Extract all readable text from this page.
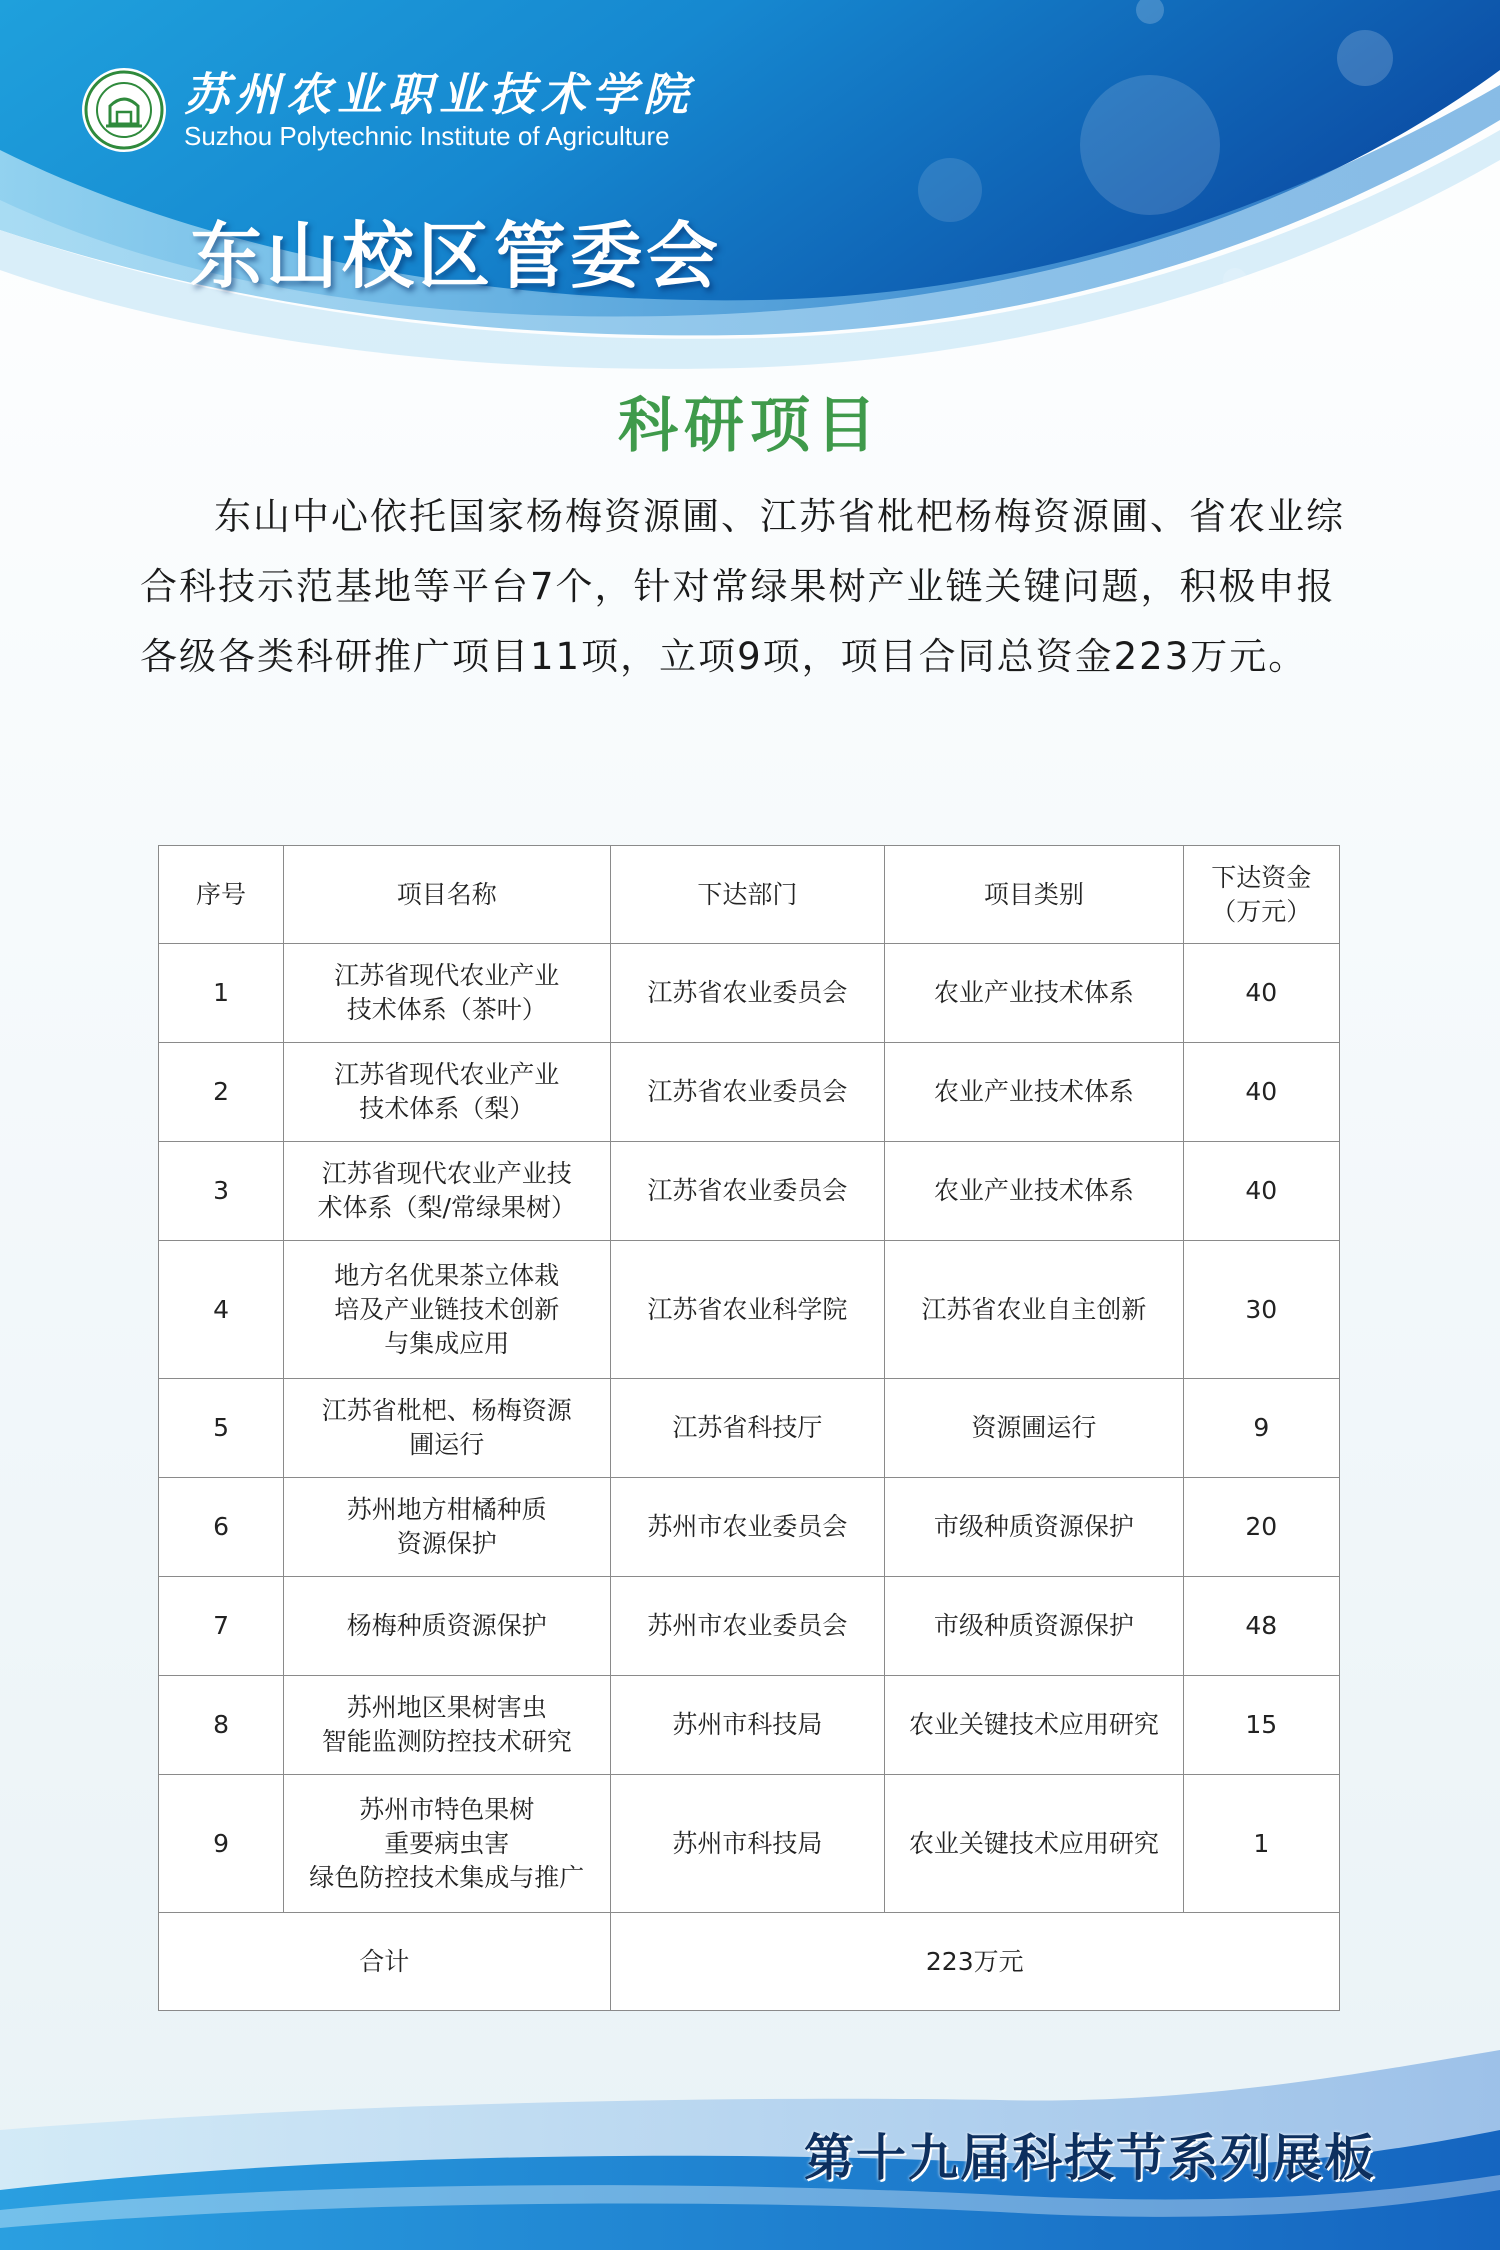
苏州农业职业技术学院
Suzhou Polytechnic Institute of Agriculture
东山校区管委会
科研项目

东山中心依托国家杨梅资源圃、江苏省枇杷杨梅资源圃、省农业综合科技示范基地等平台7个，针对常绿果树产业链关键问题，积极申报各级各类科研推广项目11项，立项9项，项目合同总资金223万元。

序号	项目名称	下达部门	项目类别	下达资金
（万元）

1	江苏省现代农业产业
技术体系（茶叶）	江苏省农业委员会	农业产业技术体系	40
2	江苏省现代农业产业
技术体系（梨）	江苏省农业委员会	农业产业技术体系	40
3	江苏省现代农业产业技
术体系（梨/常绿果树）	江苏省农业委员会	农业产业技术体系	40
4	地方名优果茶立体栽
培及产业链技术创新
与集成应用	江苏省农业科学院	江苏省农业自主创新	30
5	江苏省枇杷、杨梅资源
圃运行	江苏省科技厅	资源圃运行	9
6	苏州地方柑橘种质
资源保护	苏州市农业委员会	市级种质资源保护	20
7	杨梅种质资源保护	苏州市农业委员会	市级种质资源保护	48
8	苏州地区果树害虫
智能监测防控技术研究	苏州市科技局	农业关键技术应用研究	15
9	苏州市特色果树
重要病虫害
绿色防控技术集成与推广	苏州市科技局	农业关键技术应用研究	1
合计		223万元		
第十九届科技节系列展板
